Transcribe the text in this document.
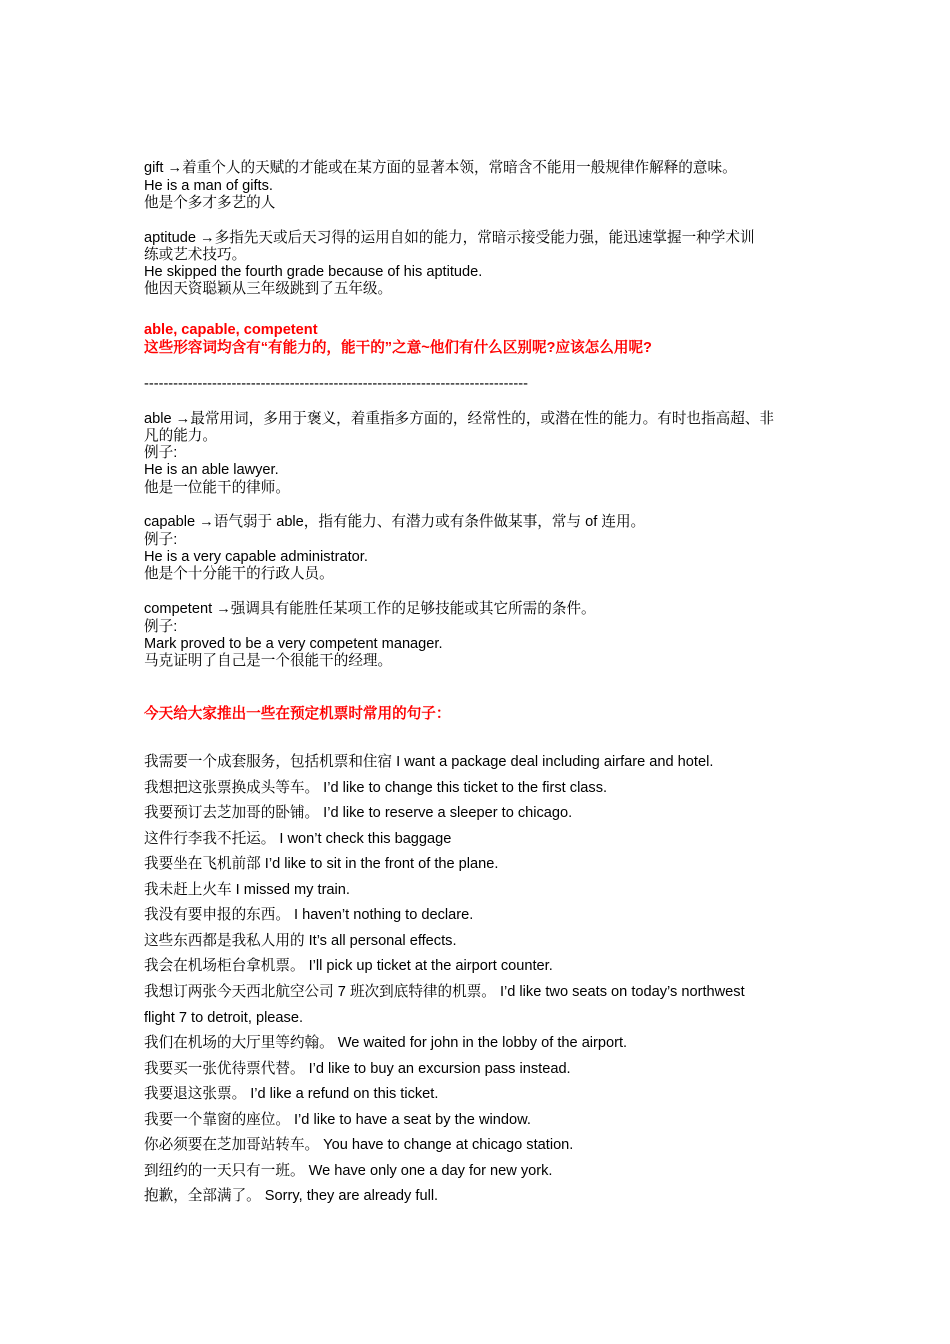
gift →着重个人的天赋的才能或在某方面的显著本领，常暗含不能用一般规律作解释的意味。
He is a man of gifts.
他是个多才多艺的人
aptitude →多指先天或后天习得的运用自如的能力，常暗示接受能力强，能迅速掌握一种学术训
练或艺术技巧。
He skipped the fourth grade because of his aptitude.
他因天资聪颖从三年级跳到了五年级。
able, capable, competent
这些形容词均含有“有能力的，能干的”之意~他们有什么区别呢?应该怎么用呢?
-------------------------------------------------------------------------------
able →最常用词，多用于褒义，着重指多方面的，经常性的，或潜在性的能力。有时也指高超、非
凡的能力。
例子:
He is an able lawyer.
他是一位能干的律师。
capable →语气弱于 able，指有能力、有潜力或有条件做某事，常与 of 连用。
例子:
He is a very capable administrator.
他是个十分能干的行政人员。
competent →强调具有能胜任某项工作的足够技能或其它所需的条件。
例子:
Mark proved to be a very competent manager.
马克证明了自己是一个很能干的经理。
今天给大家推出一些在预定机票时常用的句子：
我需要一个成套服务，包括机票和住宿 I want a package deal including airfare and hotel.
我想把这张票换成头等车。 I’d like to change this ticket to the first class.
我要预订去芝加哥的卧铺。 I’d like to reserve a sleeper to chicago.
这件行李我不托运。 I won’t check this baggage
我要坐在飞机前部 I’d like to sit in the front of the plane.
我未赶上火车 I missed my train.
我没有要申报的东西。 I haven’t nothing to declare.
这些东西都是我私人用的 It’s all personal effects.
我会在机场柜台拿机票。 I’ll pick up ticket at the airport counter.
我想订两张今天西北航空公司 7 班次到底特律的机票。 I’d like two seats on today’s northwest
flight 7 to detroit, please.
我们在机场的大厅里等约翰。 We waited for john in the lobby of the airport.
我要买一张优待票代替。 I’d like to buy an excursion pass instead.
我要退这张票。 I’d like a refund on this ticket.
我要一个靠窗的座位。 I’d like to have a seat by the window.
你必须要在芝加哥站转车。 You have to change at chicago station.
到纽约的一天只有一班。 We have only one a day for new york.
抱歉，全部满了。 Sorry, they are already full.
